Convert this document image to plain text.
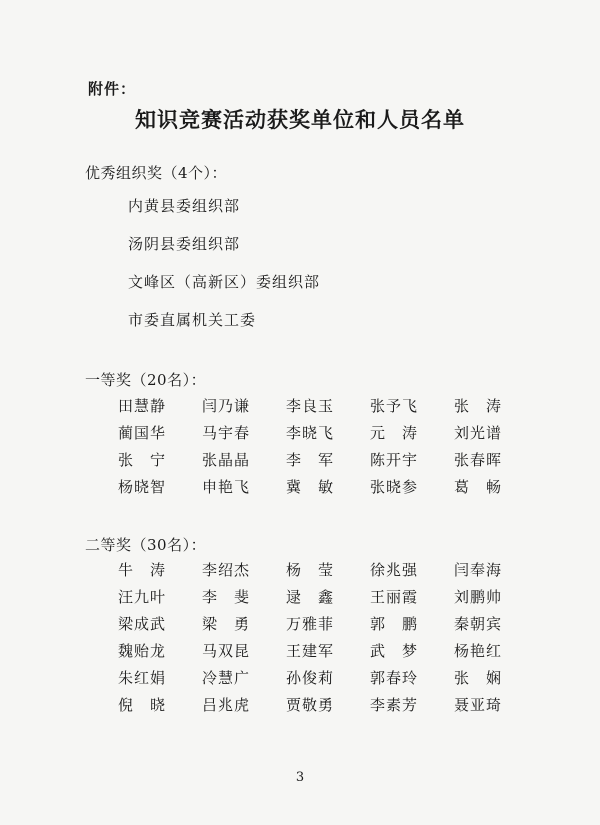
附件：
知识竞赛活动获奖单位和人员名单
优秀组织奖（4个）：
内黄县委组织部
汤阴县委组织部
文峰区（高新区）委组织部
市委直属机关工委
一等奖（20名）：
田慧静	闫乃谦	李良玉	张予飞	张　涛
蔺国华	马宇春	李晓飞	元　涛	刘光谱
张　宁	张晶晶	李　军	陈开宇	张春晖
杨晓智	申艳飞	冀　敏	张晓参	葛　畅
二等奖（30名）：
牛　涛	李绍杰	杨　莹	徐兆强	闫奉海
汪九叶	李　斐	逯　鑫	王丽霞	刘鹏帅
梁成武	梁　勇	万雅菲	郭　鹏	秦朝宾
魏贻龙	马双昆	王建军	武　梦	杨艳红
朱红娟	冷慧广	孙俊莉	郭春玲	张　娴
倪　晓	吕兆虎	贾敬勇	李素芳	聂亚琦
3
